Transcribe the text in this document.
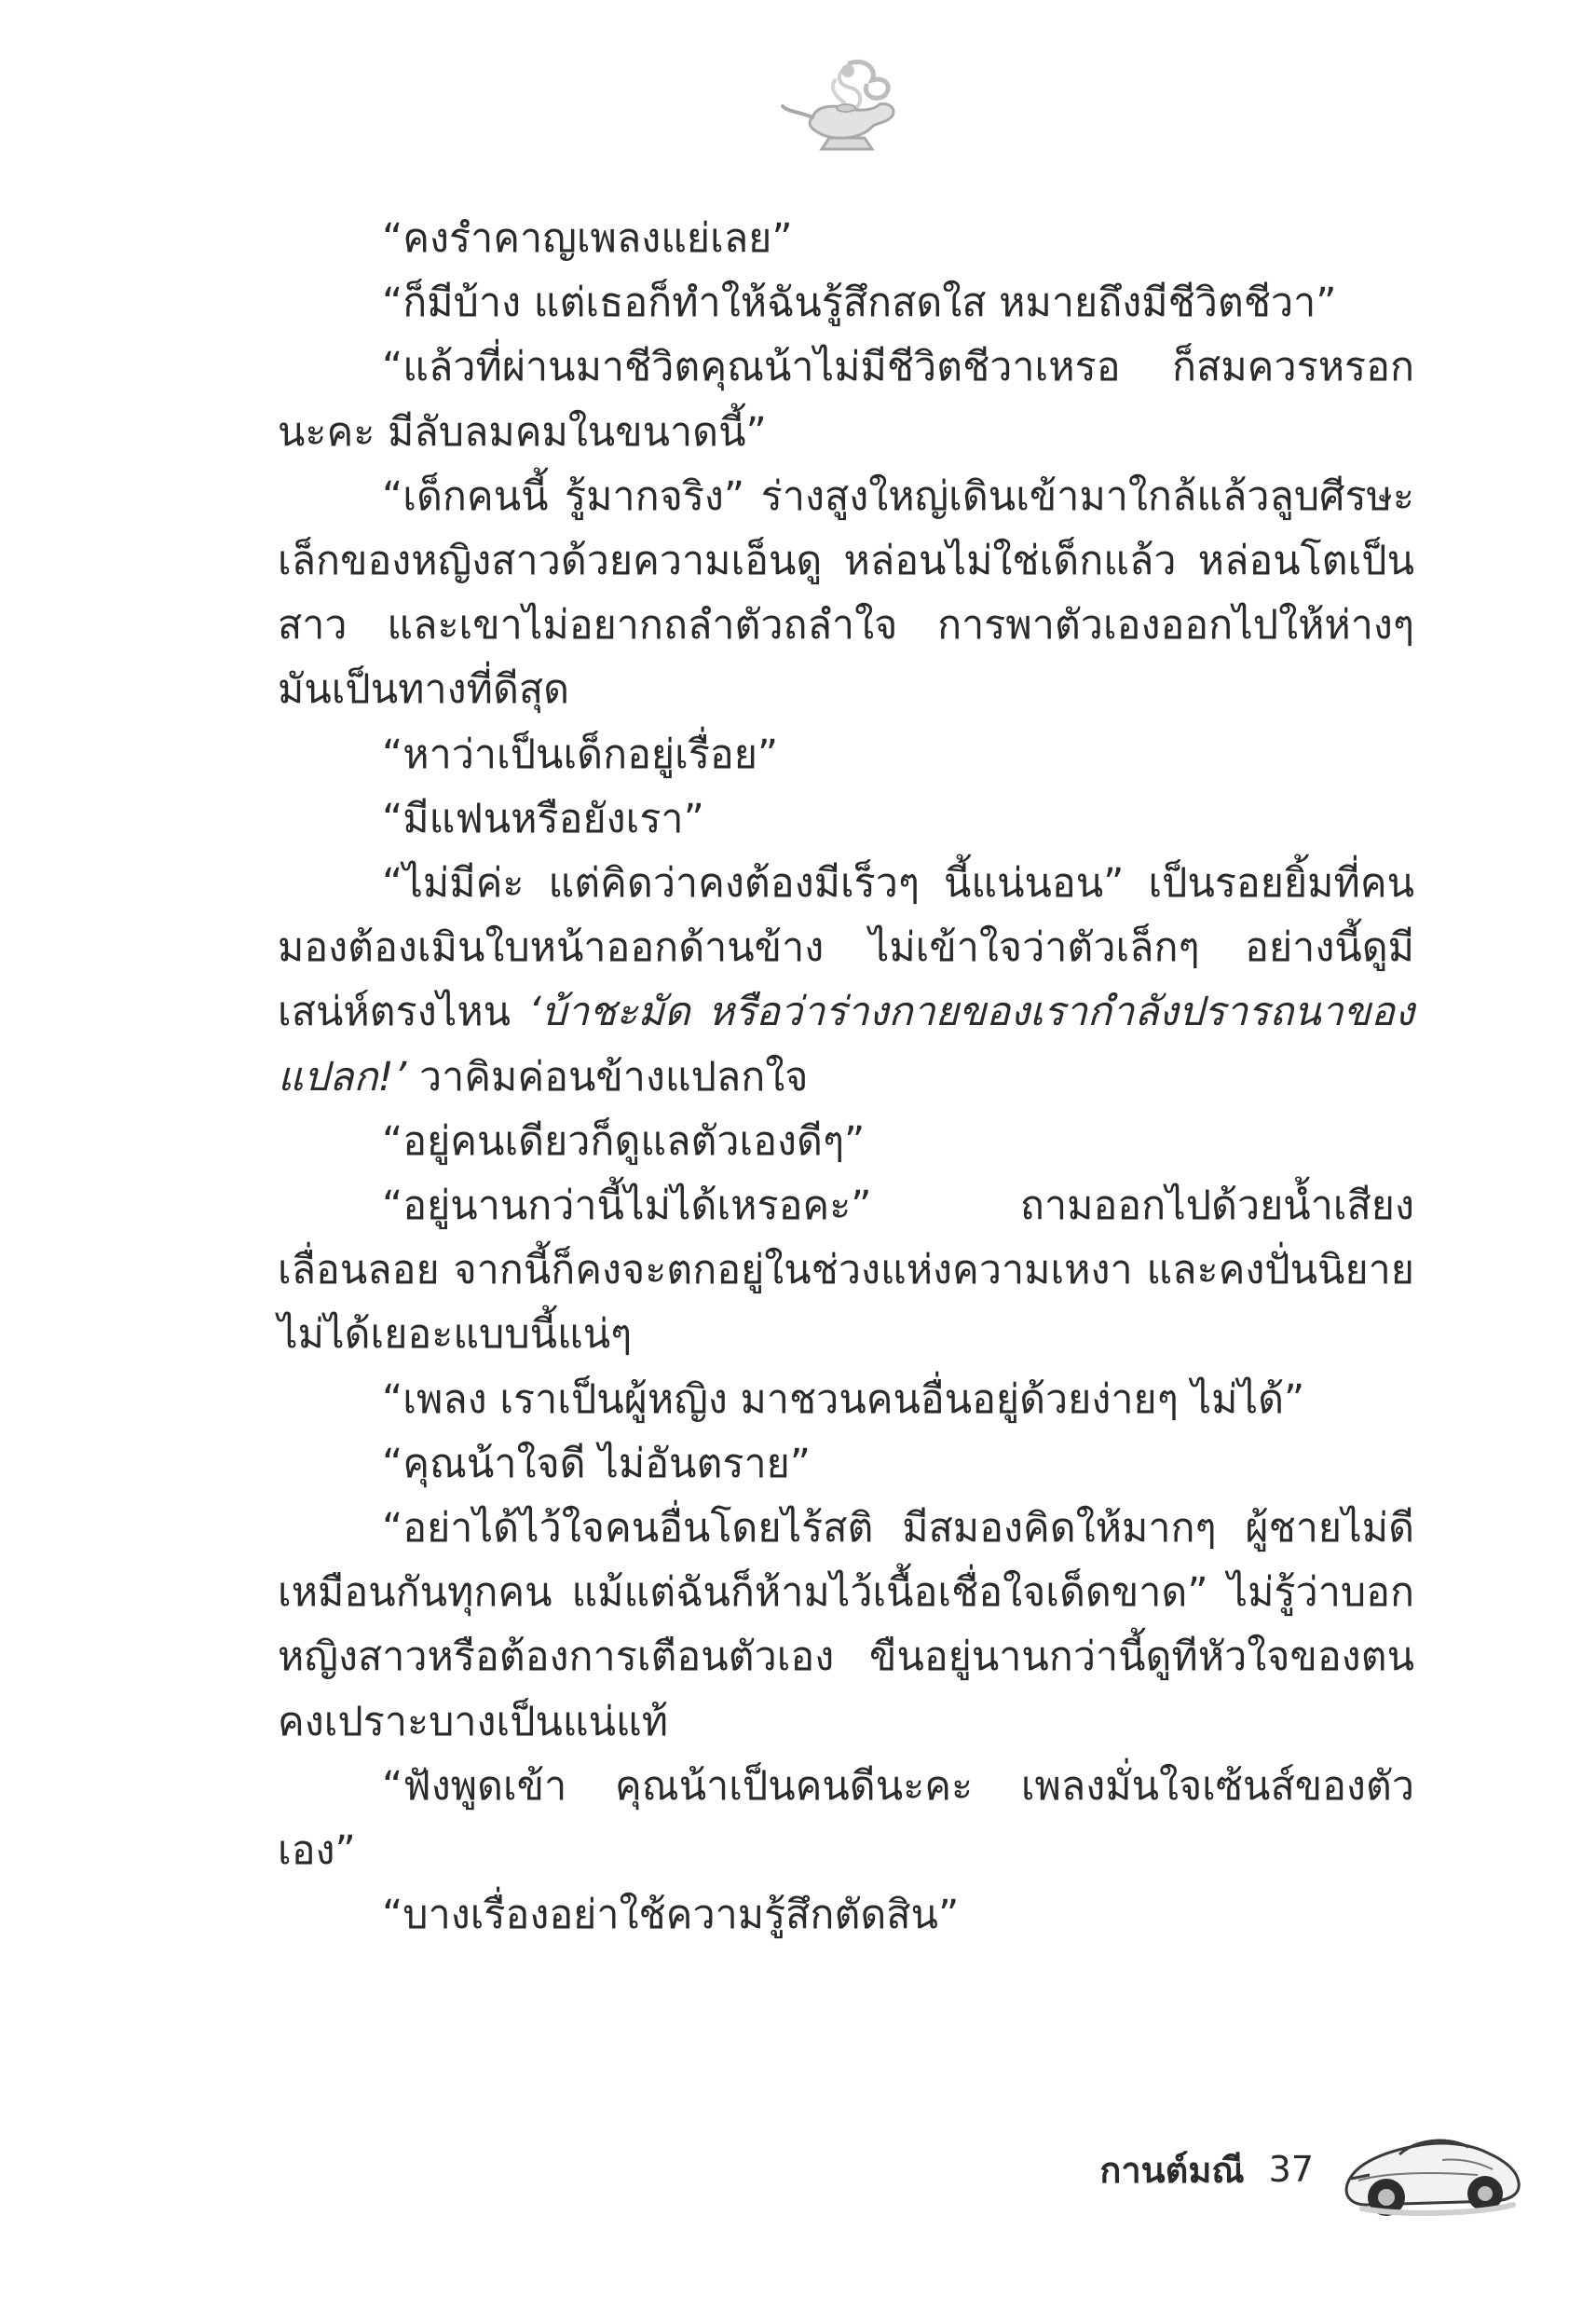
“คงรำคาญเพลงแย่เลย”

“ก็มีบ้าง แต่เธอก็ทำให้ฉันรู้สึกสดใส หมายถึงมีชีวิตชีวา”

“แล้วที่ผ่านมาชีวิตคุณน้าไม่มีชีวิตชีวาเหรอ ก็สมควรหรอกนะคะ มีลับลมคมในขนาดนี้”

“เด็กคนนี้ รู้มากจริง” ร่างสูงใหญ่เดินเข้ามาใกล้แล้วลูบศีรษะเล็กของหญิงสาวด้วยความเอ็นดู หล่อนไม่ใช่เด็กแล้ว หล่อนโตเป็นสาว และเขาไม่อยากถลำตัวถลำใจ การพาตัวเองออกไปให้ห่างๆ มันเป็นทางที่ดีสุด

“หาว่าเป็นเด็กอยู่เรื่อย”

“มีแฟนหรือยังเรา”

“ไม่มีค่ะ แต่คิดว่าคงต้องมีเร็วๆ นี้แน่นอน” เป็นรอยยิ้มที่คนมองต้องเมินใบหน้าออกด้านข้าง ไม่เข้าใจว่าตัวเล็กๆ อย่างนี้ดูมีเสน่ห์ตรงไหน ‘บ้าชะมัด หรือว่าร่างกายของเรากำลังปรารถนาของแปลก!’ วาคิมค่อนข้างแปลกใจ

“อยู่คนเดียวก็ดูแลตัวเองดีๆ”

“อยู่นานกว่านี้ไม่ได้เหรอคะ” ถามออกไปด้วยน้ำเสียงเลื่อนลอย จากนี้ก็คงจะตกอยู่ในช่วงแห่งความเหงา และคงปั่นนิยายไม่ได้เยอะแบบนี้แน่ๆ

“เพลง เราเป็นผู้หญิง มาชวนคนอื่นอยู่ด้วยง่ายๆ ไม่ได้”

“คุณน้าใจดี ไม่อันตราย”

“อย่าได้ไว้ใจคนอื่นโดยไร้สติ มีสมองคิดให้มากๆ ผู้ชายไม่ดีเหมือนกันทุกคน แม้แต่ฉันก็ห้ามไว้เนื้อเชื่อใจเด็ดขาด” ไม่รู้ว่าบอกหญิงสาวหรือต้องการเตือนตัวเอง ขืนอยู่นานกว่านี้ดูทีหัวใจของตนคงเปราะบางเป็นแน่แท้

“ฟังพูดเข้า คุณน้าเป็นคนดีนะคะ เพลงมั่นใจเซ้นส์ของตัวเอง”

“บางเรื่องอย่าใช้ความรู้สึกตัดสิน”

กานต์มณี 37
